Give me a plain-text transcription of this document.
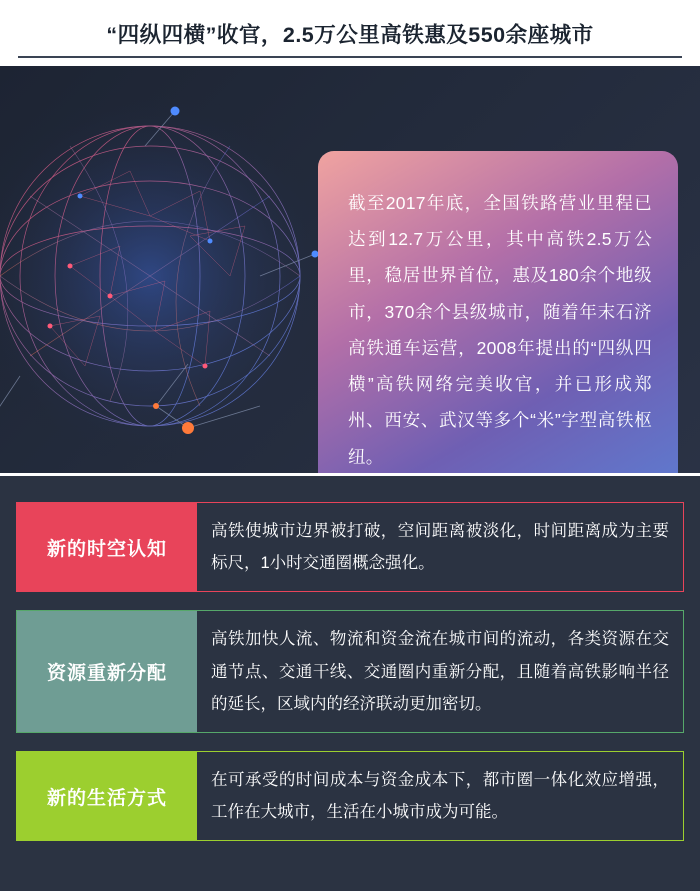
“四纵四横”收官，2.5万公里高铁惠及550余座城市

截至2017年底，全国铁路营业里程已达到12.7万公里，其中高铁2.5万公里，稳居世界首位，惠及180余个地级市，370余个县级城市，随着年末石济高铁通车运营，2008年提出的“四纵四横”高铁网络完美收官，并已形成郑州、西安、武汉等多个“米”字型高铁枢纽。

新的时空认知
高铁使城市边界被打破，空间距离被淡化，时间距离成为主要标尺，1小时交通圈概念强化。
资源重新分配
高铁加快人流、物流和资金流在城市间的流动，各类资源在交通节点、交通干线、交通圈内重新分配，且随着高铁影响半径的延长，区域内的经济联动更加密切。
新的生活方式
在可承受的时间成本与资金成本下，都市圈一体化效应增强，工作在大城市，生活在小城市成为可能。
